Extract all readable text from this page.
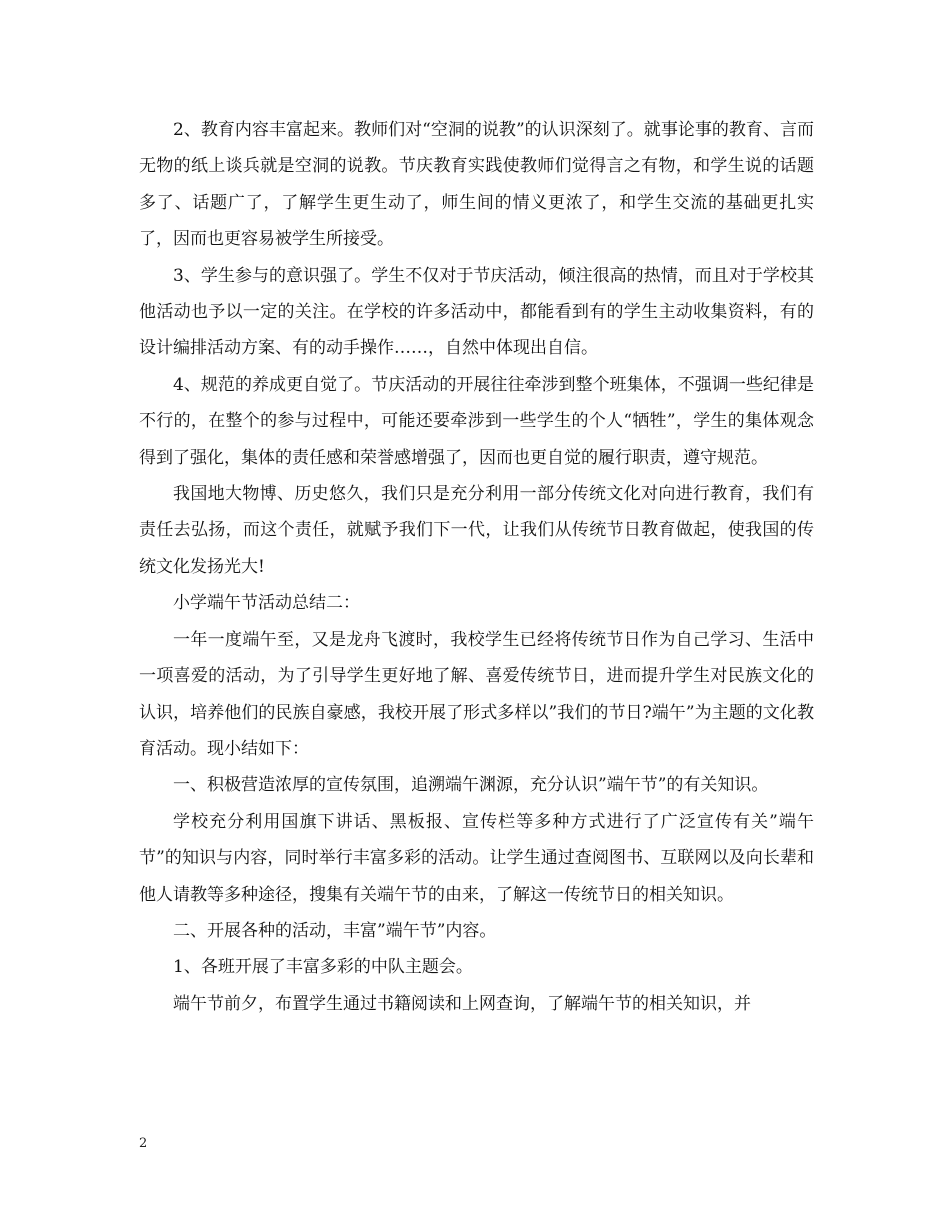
2、教育内容丰富起来。教师们对“空洞的说教”的认识深刻了。就事论事的教育、言而无物的纸上谈兵就是空洞的说教。节庆教育实践使教师们觉得言之有物，和学生说的话题多了、话题广了，了解学生更生动了，师生间的情义更浓了，和学生交流的基础更扎实了，因而也更容易被学生所接受。

3、学生参与的意识强了。学生不仅对于节庆活动，倾注很高的热情，而且对于学校其他活动也予以一定的关注。在学校的许多活动中，都能看到有的学生主动收集资料，有的设计编排活动方案、有的动手操作……，自然中体现出自信。

4、规范的养成更自觉了。节庆活动的开展往往牵涉到整个班集体，不强调一些纪律是不行的，在整个的参与过程中，可能还要牵涉到一些学生的个人“牺牲”，学生的集体观念得到了强化，集体的责任感和荣誉感增强了，因而也更自觉的履行职责，遵守规范。

我国地大物博、历史悠久，我们只是充分利用一部分传统文化对向进行教育，我们有责任去弘扬，而这个责任，就赋予我们下一代，让我们从传统节日教育做起，使我国的传统文化发扬光大!

小学端午节活动总结二：

一年一度端午至，又是龙舟飞渡时，我校学生已经将传统节日作为自己学习、生活中一项喜爱的活动，为了引导学生更好地了解、喜爱传统节日，进而提升学生对民族文化的认识，培养他们的民族自豪感，我校开展了形式多样以”我们的节日?端午”为主题的文化教育活动。现小结如下：

一、积极营造浓厚的宣传氛围，追溯端午渊源，充分认识”端午节”的有关知识。

学校充分利用国旗下讲话、黑板报、宣传栏等多种方式进行了广泛宣传有关”端午节”的知识与内容，同时举行丰富多彩的活动。让学生通过查阅图书、互联网以及向长辈和他人请教等多种途径，搜集有关端午节的由来，了解这一传统节日的相关知识。

二、开展各种的活动，丰富”端午节”内容。

1、各班开展了丰富多彩的中队主题会。

端午节前夕，布置学生通过书籍阅读和上网查询，了解端午节的相关知识，并

2
